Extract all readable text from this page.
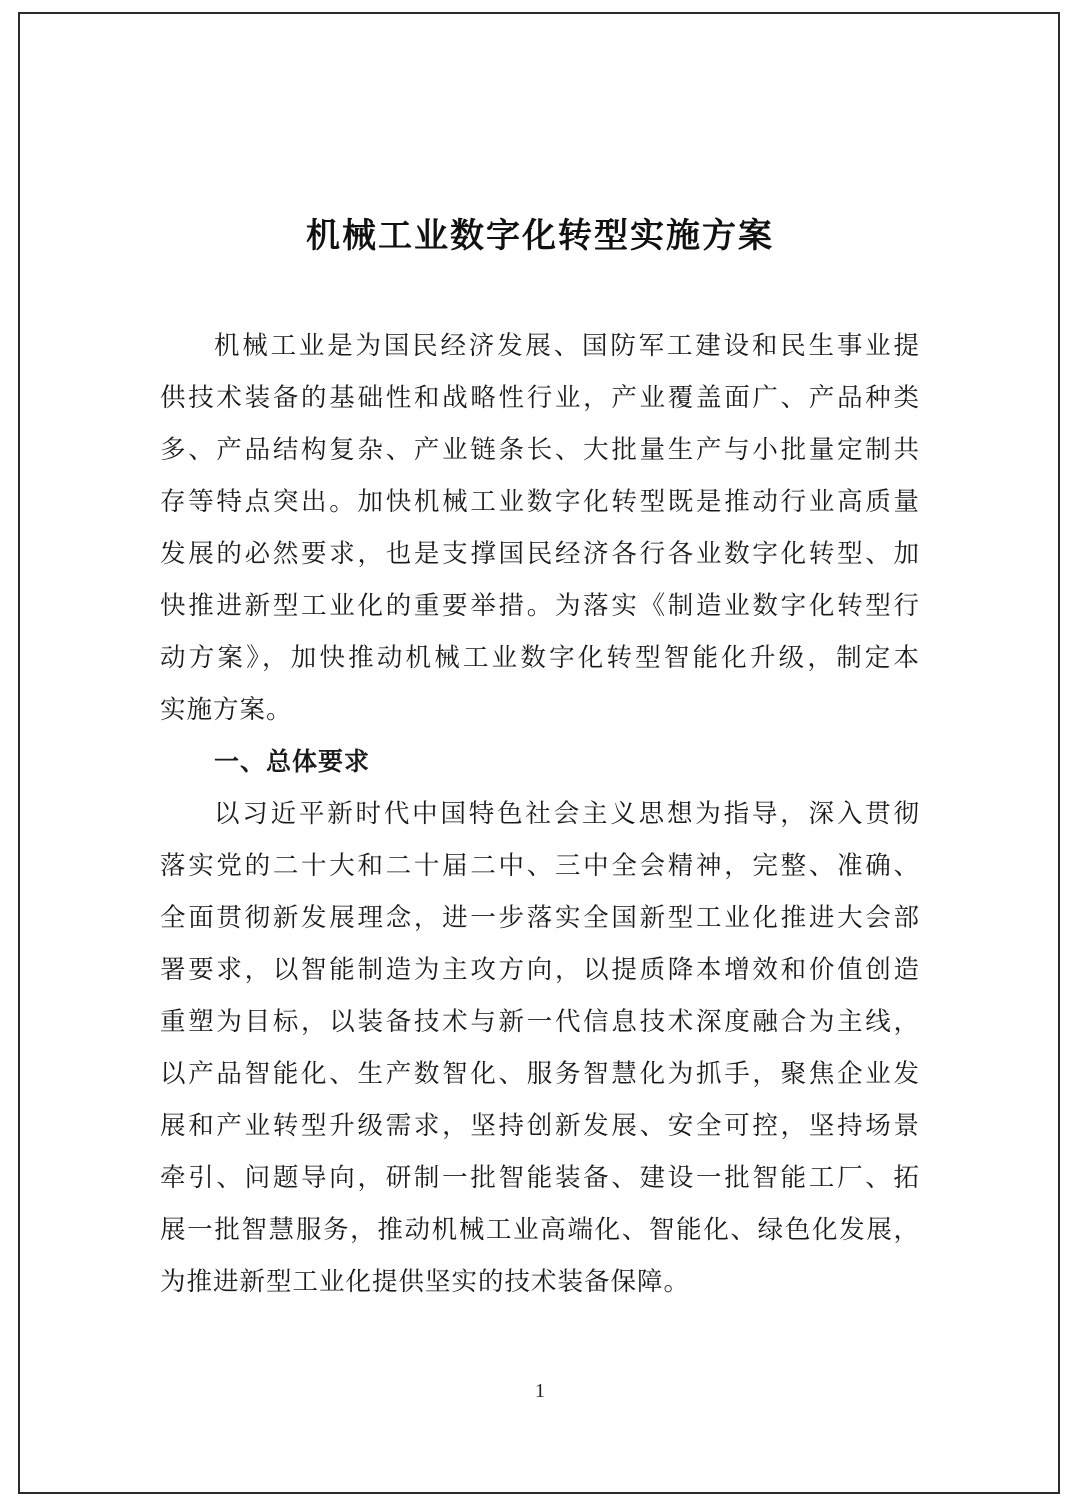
机械工业数字化转型实施方案
机械工业是为国民经济发展、国防军工建设和民生事业提
供技术装备的基础性和战略性行业，产业覆盖面广、产品种类
多、产品结构复杂、产业链条长、大批量生产与小批量定制共
存等特点突出。加快机械工业数字化转型既是推动行业高质量
发展的必然要求，也是支撑国民经济各行各业数字化转型、加
快推进新型工业化的重要举措。为落实《制造业数字化转型行
动方案》，加快推动机械工业数字化转型智能化升级，制定本
实施方案。
一、总体要求
以习近平新时代中国特色社会主义思想为指导，深入贯彻
落实党的二十大和二十届二中、三中全会精神，完整、准确、
全面贯彻新发展理念，进一步落实全国新型工业化推进大会部
署要求，以智能制造为主攻方向，以提质降本增效和价值创造
重塑为目标，以装备技术与新一代信息技术深度融合为主线，
以产品智能化、生产数智化、服务智慧化为抓手，聚焦企业发
展和产业转型升级需求，坚持创新发展、安全可控，坚持场景
牵引、问题导向，研制一批智能装备、建设一批智能工厂、拓
展一批智慧服务，推动机械工业高端化、智能化、绿色化发展，
为推进新型工业化提供坚实的技术装备保障。
1
